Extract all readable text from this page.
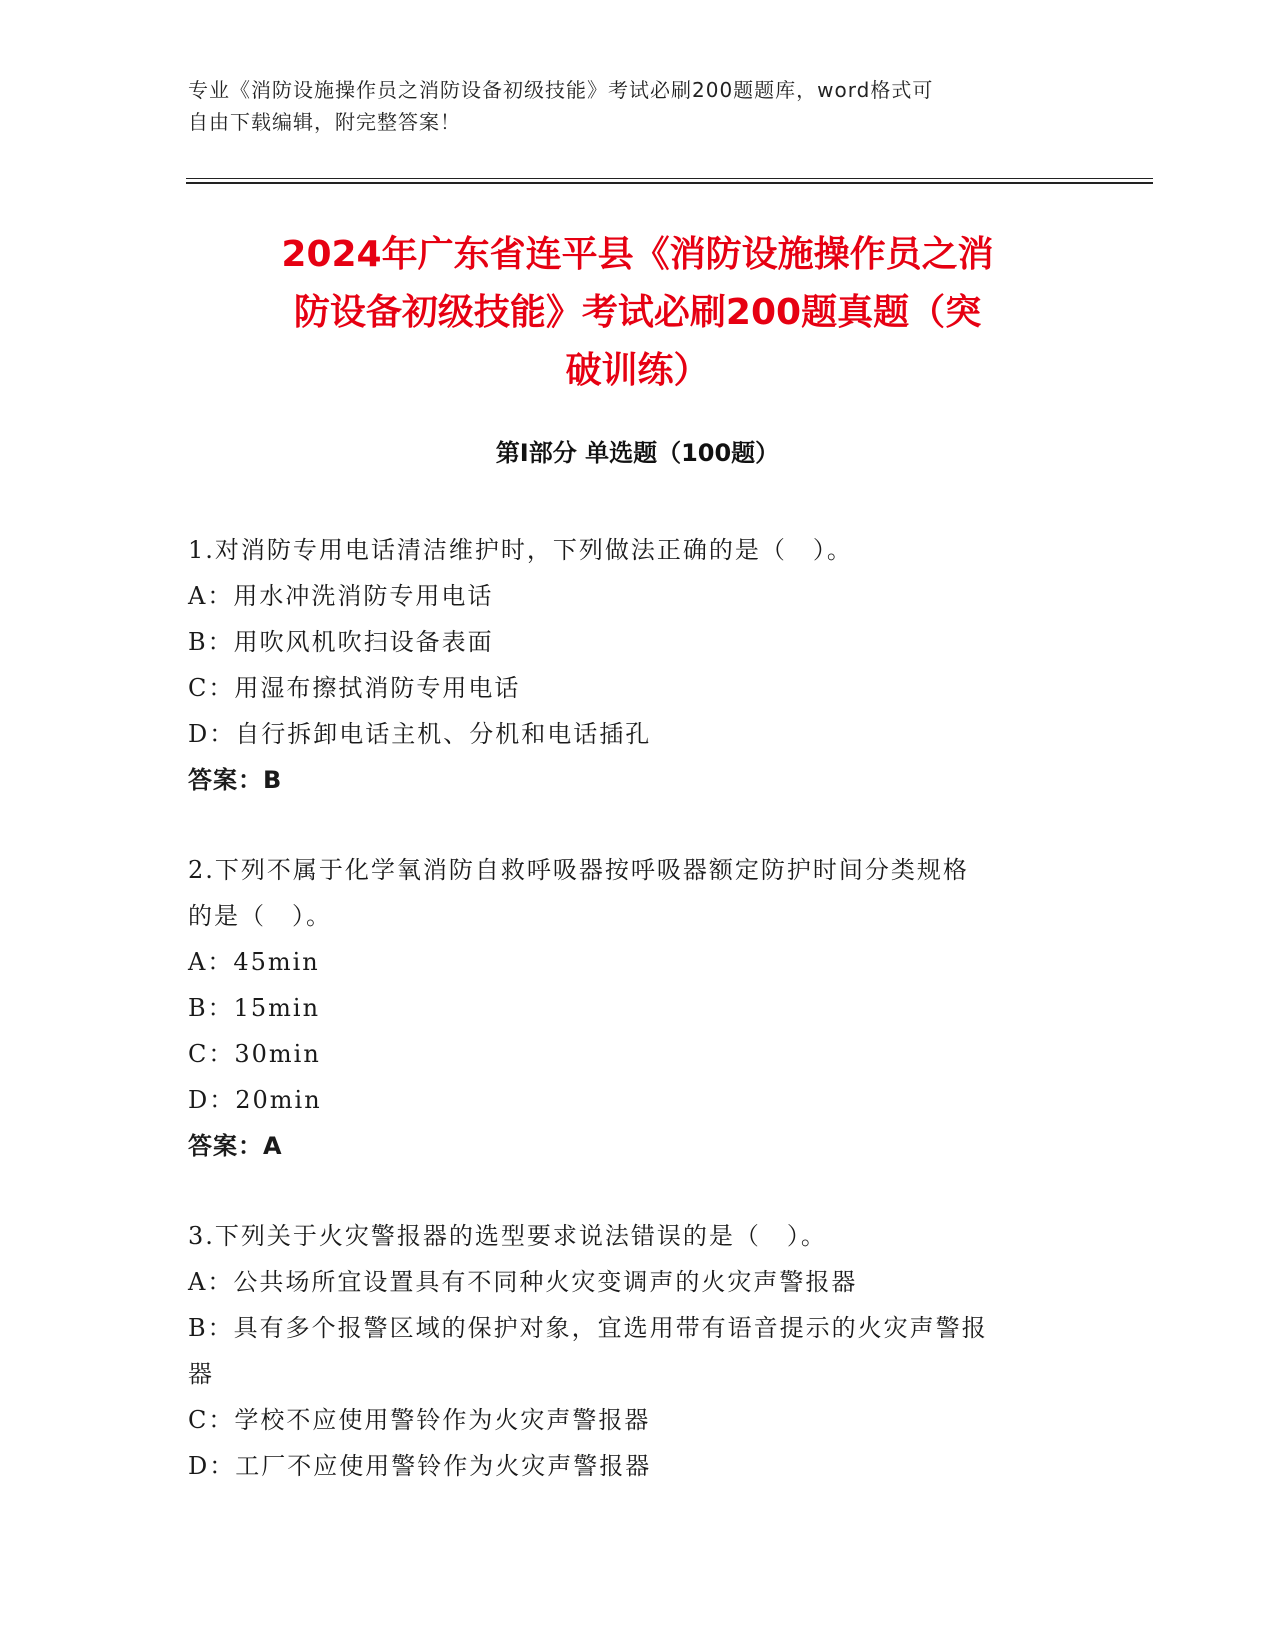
专业《消防设施操作员之消防设备初级技能》考试必刷200题题库，word格式可
自由下载编辑，附完整答案！
2024年广东省连平县《消防设施操作员之消
防设备初级技能》考试必刷200题真题（突
破训练）
第Ⅰ部分 单选题（100题）
1.对消防专用电话清洁维护时，下列做法正确的是（　）。
A：用水冲洗消防专用电话
B：用吹风机吹扫设备表面
C：用湿布擦拭消防专用电话
D：自行拆卸电话主机、分机和电话插孔
答案：B
2.下列不属于化学氧消防自救呼吸器按呼吸器额定防护时间分类规格
的是（　）。
A：45min
B：15min
C：30min
D：20min
答案：A
3.下列关于火灾警报器的选型要求说法错误的是（　）。
A：公共场所宜设置具有不同种火灾变调声的火灾声警报器
B：具有多个报警区域的保护对象，宜选用带有语音提示的火灾声警报
器
C：学校不应使用警铃作为火灾声警报器
D：工厂不应使用警铃作为火灾声警报器
